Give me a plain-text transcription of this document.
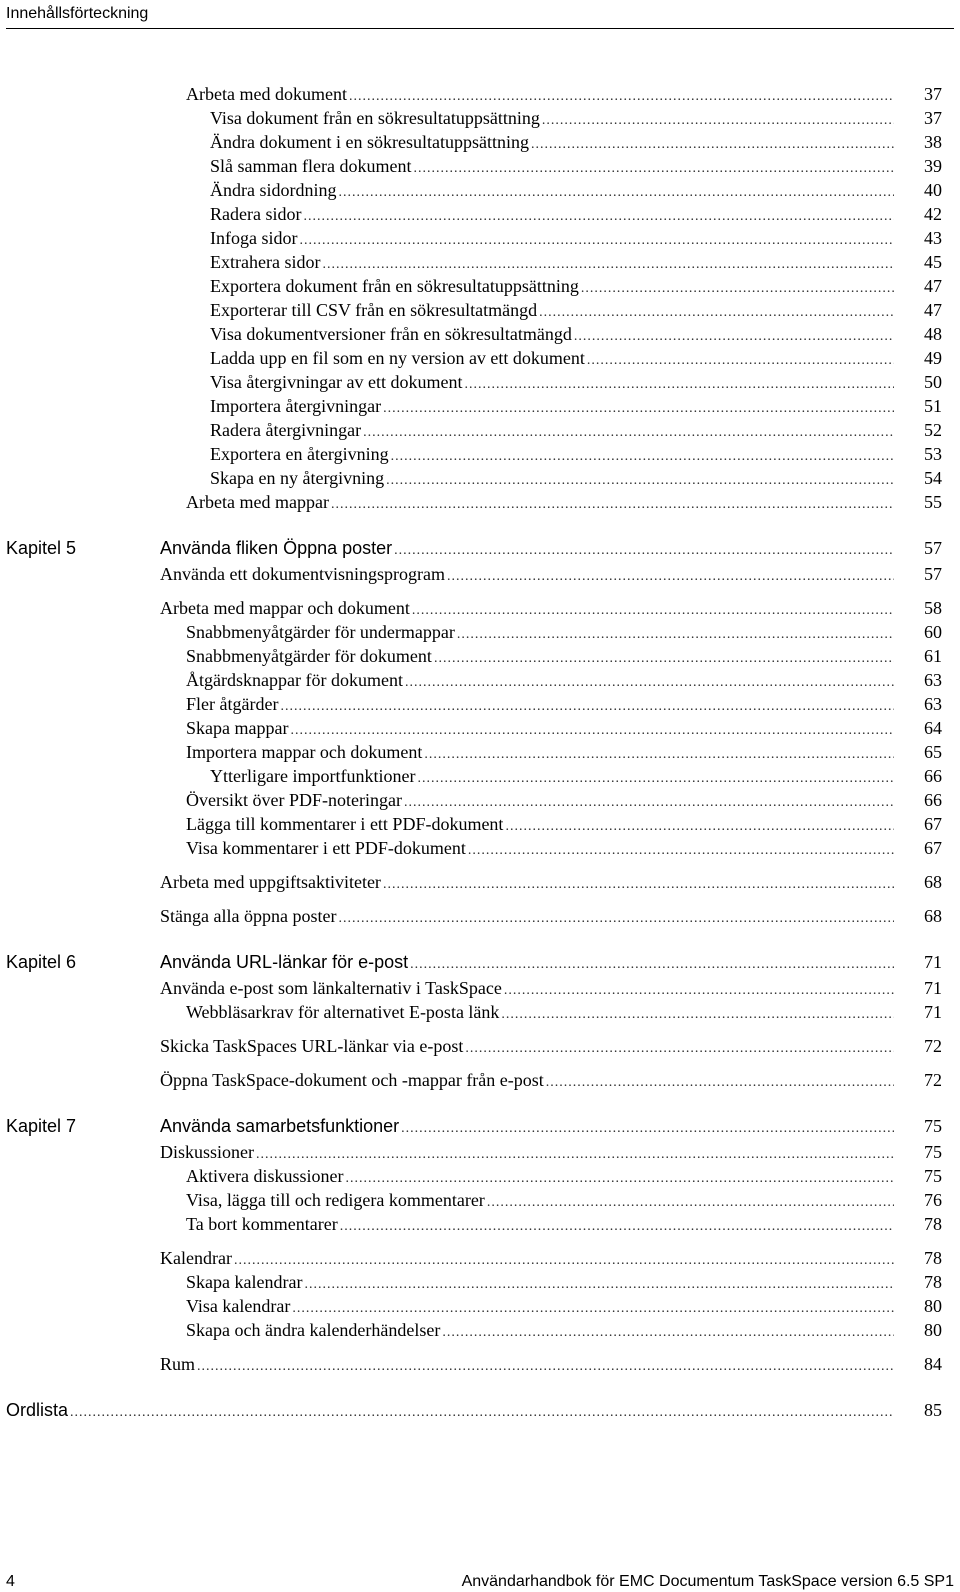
Innehållsförteckning
Arbeta med dokument .....	37
Visa dokument från en sökresultatuppsättning .....	37
Ändra dokument i en sökresultatuppsättning .....	38
Slå samman flera dokument .....	39
Ändra sidordning .....	40
Radera sidor .....	42
Infoga sidor .....	43
Extrahera sidor .....	45
Exportera dokument från en sökresultatuppsättning .....	47
Exporterar till CSV från en sökresultatmängd .....	47
Visa dokumentversioner från en sökresultatmängd .....	48
Ladda upp en fil som en ny version av ett dokument .....	49
Visa återgivningar av ett dokument .....	50
Importera återgivningar .....	51
Radera återgivningar .....	52
Exportera en återgivning .....	53
Skapa en ny återgivning .....	54
Arbeta med mappar .....	55
Kapitel 5	Använda fliken Öppna poster .....	57
Använda ett dokumentvisningsprogram .....	57
Arbeta med mappar och dokument .....	58
Snabbmenyåtgärder för undermappar .....	60
Snabbmenyåtgärder för dokument .....	61
Åtgärdsknappar för dokument .....	63
Fler åtgärder .....	63
Skapa mappar .....	64
Importera mappar och dokument .....	65
Ytterligare importfunktioner .....	66
Översikt över PDF-noteringar .....	66
Lägga till kommentarer i ett PDF-dokument .....	67
Visa kommentarer i ett PDF-dokument .....	67
Arbeta med uppgiftsaktiviteter .....	68
Stänga alla öppna poster .....	68
Kapitel 6	Använda URL-länkar för e-post .....	71
Använda e-post som länkalternativ i TaskSpace .....	71
Webbläsarkrav för alternativet E-posta länk .....	71
Skicka TaskSpaces URL-länkar via e-post .....	72
Öppna TaskSpace-dokument och -mappar från e-post .....	72
Kapitel 7	Använda samarbetsfunktioner .....	75
Diskussioner .....	75
Aktivera diskussioner .....	75
Visa, lägga till och redigera kommentarer .....	76
Ta bort kommentarer .....	78
Kalendrar .....	78
Skapa kalendrar .....	78
Visa kalendrar .....	80
Skapa och ändra kalenderhändelser .....	80
Rum .....	84
Ordlista .....	85
4	Användarhandbok för EMC Documentum TaskSpace version 6.5 SP1
